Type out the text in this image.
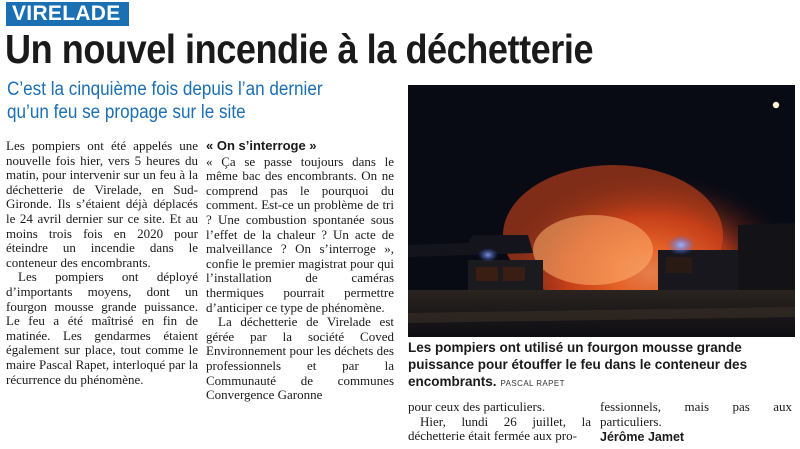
VIRELADE
Un nouvel incendie à la déchetterie
C’est la cinquième fois depuis l’an dernier
qu’un feu se propage sur le site

Les pompiers ont été appelés une nouvelle fois hier, vers 5 heures du matin, pour intervenir sur un feu à la déchetterie de Virelade, en Sud-Gironde. Ils s’étaient déjà déplacés le 24 avril dernier sur ce site. Et au moins trois fois en 2020 pour éteindre un incendie dans le conteneur des encombrants.

Les pompiers ont déployé d’importants moyens, dont un fourgon mousse grande puissance. Le feu a été maîtrisé en fin de matinée. Les gendarmes étaient également sur place, tout comme le maire Pascal Rapet, interloqué par la récurrence du phénomène.

« On s’interroge »

« Ça se passe toujours dans le même bac des encombrants. On ne comprend pas le pourquoi du comment. Est-ce un problème de tri ? Une combustion spontanée sous l’effet de la chaleur ? Un acte de malveillance ? On s’interroge », confie le premier magistrat pour qui l’installation de caméras thermiques pourrait permettre d’anticiper ce type de phénomène.

La déchetterie de Virelade est gérée par la société Coved Environnement pour les déchets des professionnels et par la Communauté de communes Convergence Garonne

Les pompiers ont utilisé un fourgon mousse grande puissance pour étouffer le feu dans le conteneur des encombrants. PASCAL RAPET

pour ceux des particuliers.

Hier, lundi 26 juillet, la déchetterie était fermée aux pro-

fessionnels, mais pas aux particuliers.

Jérôme Jamet
